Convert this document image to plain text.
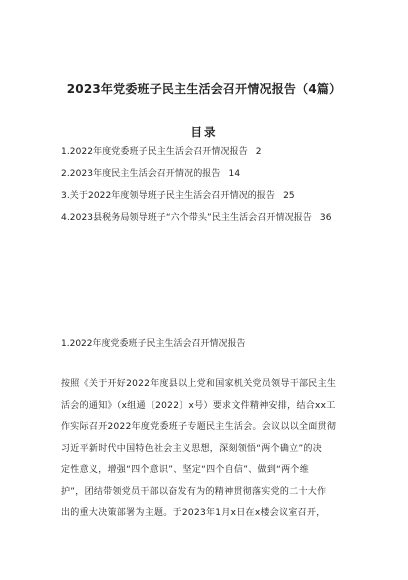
2023年党委班子民主生活会召开情况报告（4篇）
目录
1.2022年度党委班子民主生活会召开情况报告 2
2.2023年度民主生活会召开情况的报告 14
3.关于2022年度领导班子民主生活会召开情况的报告 25
4.2023县税务局领导班子“六个带头”民主生活会召开情况报告 36
1.2022年度党委班子民主生活会召开情况报告
按照《关于开好2022年度县以上党和国家机关党员领导干部民主生
活会的通知》（x组通〔2022〕x号）要求文件精神安排，结合xx工
作实际召开2022年度党委班子专题民主生活会。会议以以全面贯彻
习近平新时代中国特色社会主义思想，深刻领悟“两个确立”的决
定性意义，增强“四个意识”、坚定“四个自信”、做到“两个维
护”，团结带领党员干部以奋发有为的精神贯彻落实党的二十大作
出的重大决策部署为主题。于2023年1月x日在x楼会议室召开，
